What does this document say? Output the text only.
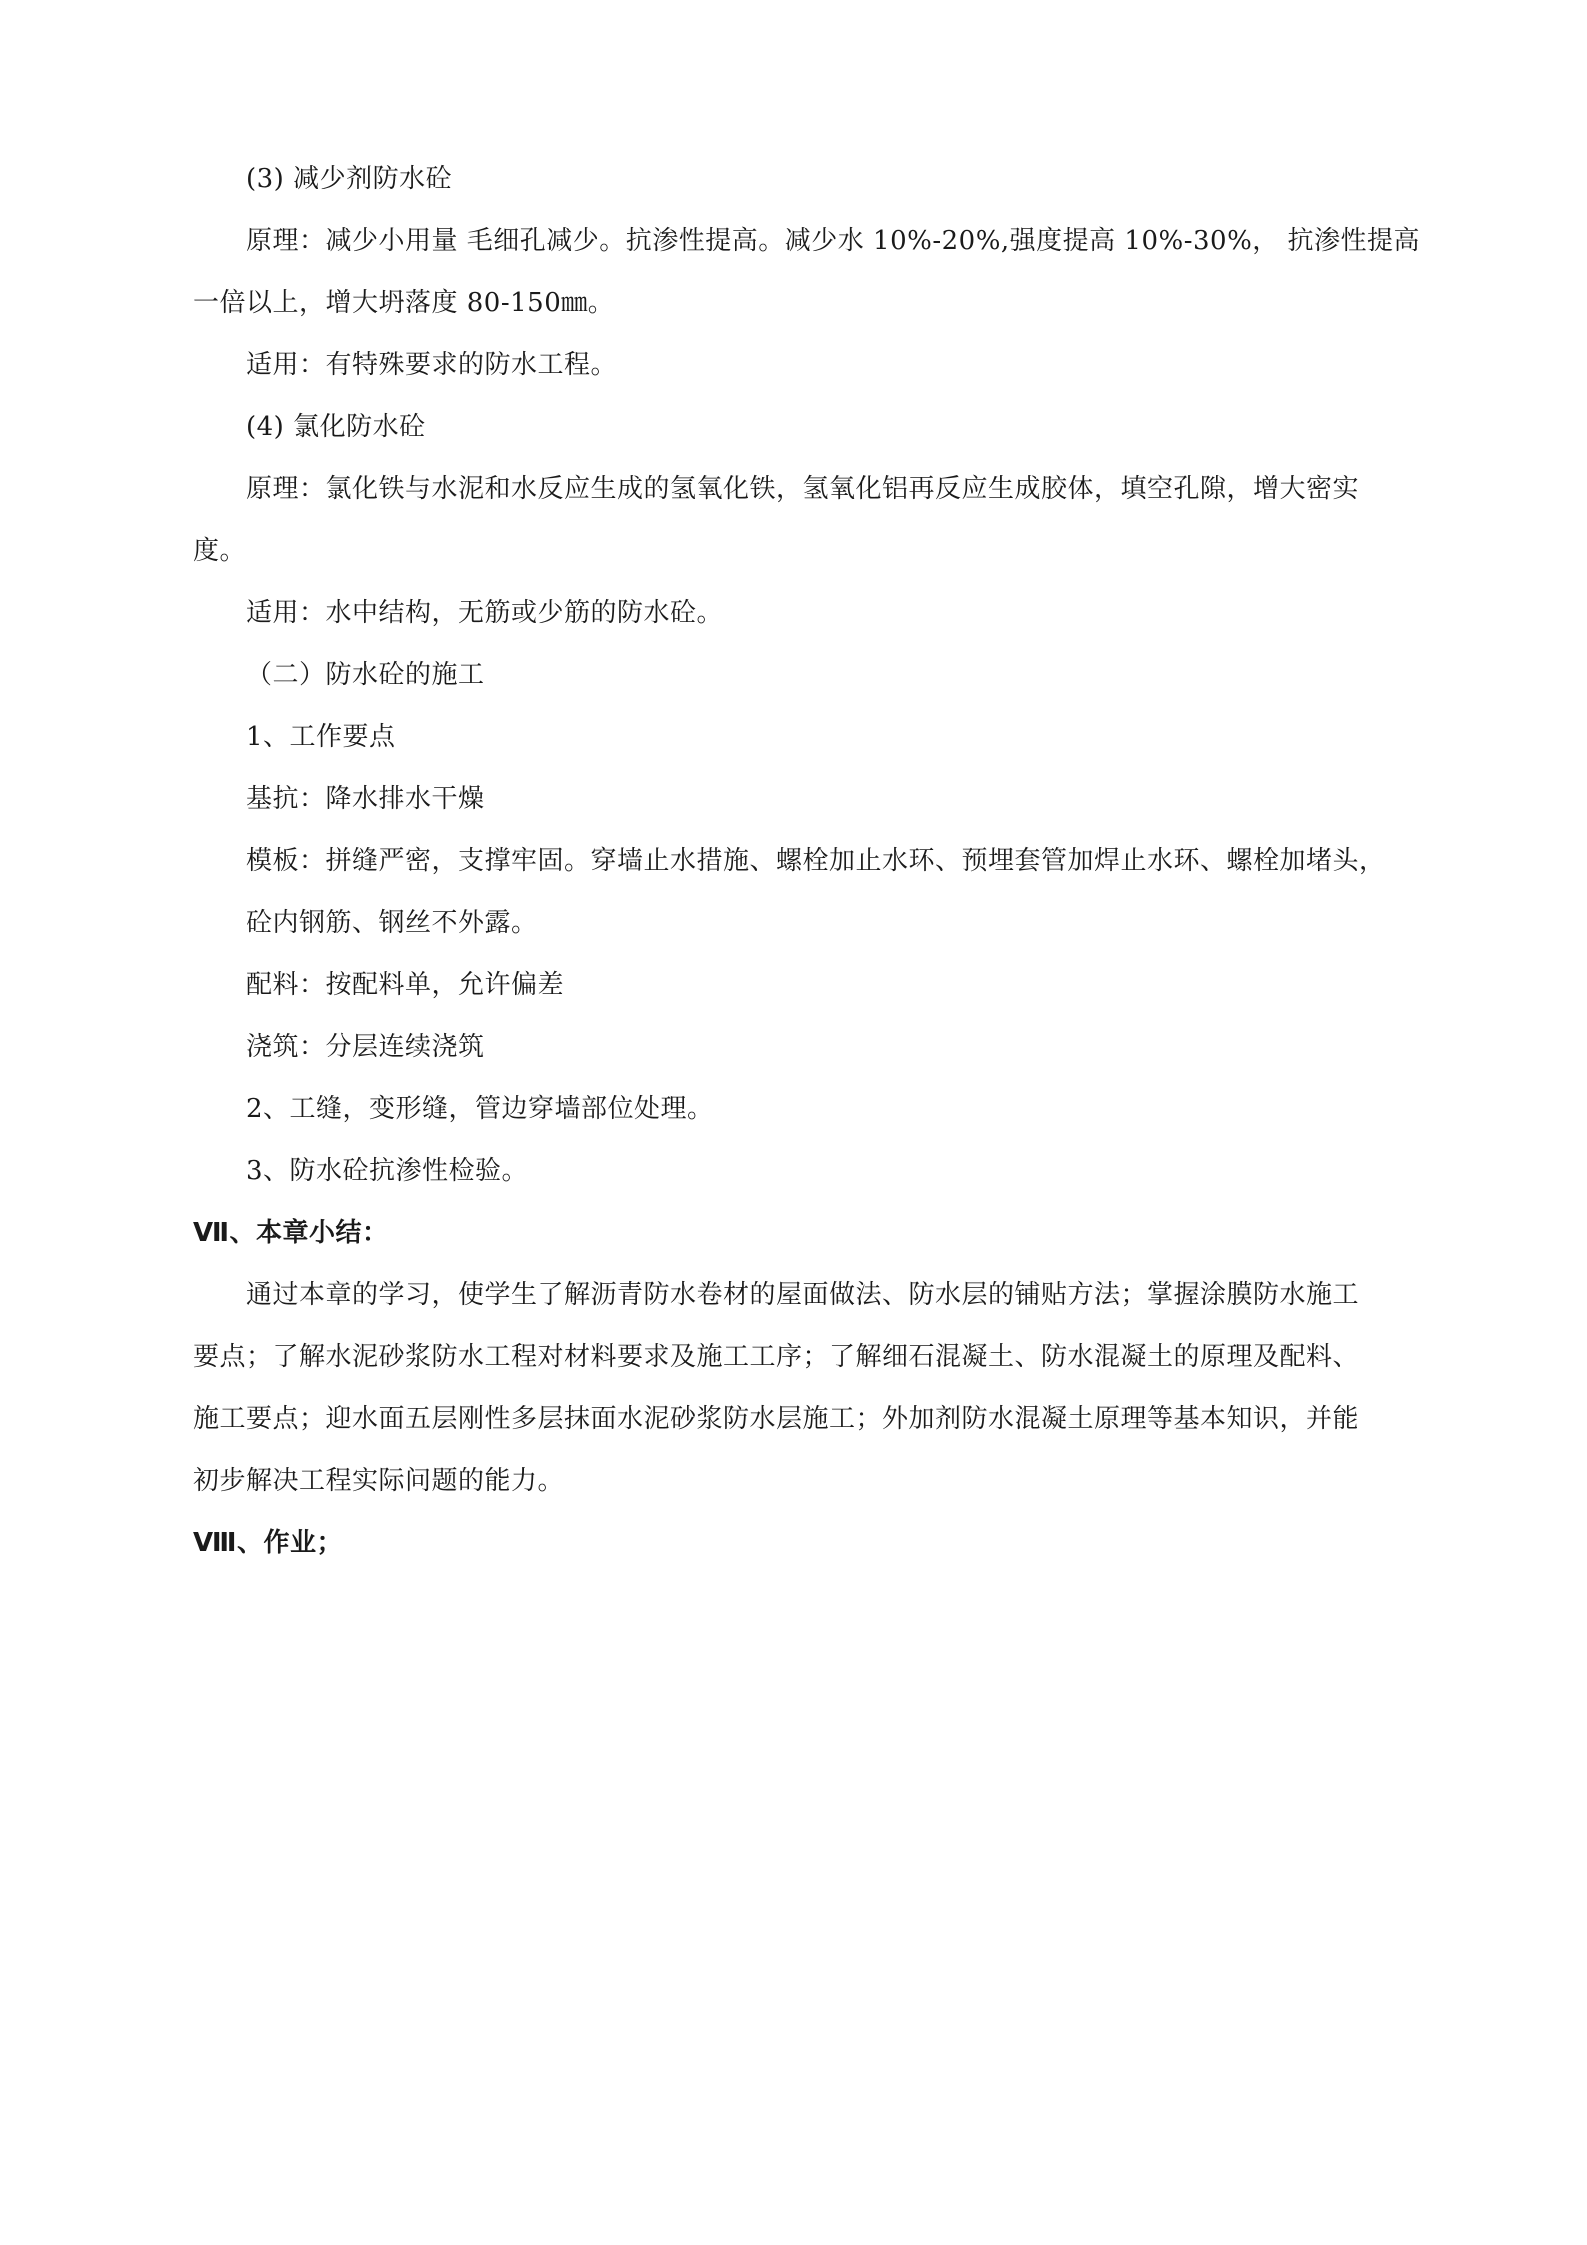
(3) 减少剂防水砼
原理：减少小用量 毛细孔减少。抗渗性提高。减少水 10%-20%,强度提高 10%-30%， 抗渗性提高
一倍以上，增大坍落度 80-150㎜。
适用：有特殊要求的防水工程。
(4) 氯化防水砼
原理：氯化铁与水泥和水反应生成的氢氧化铁，氢氧化铝再反应生成胶体，填空孔隙，增大密实
度。
适用：水中结构，无筋或少筋的防水砼。
（二）防水砼的施工
1、工作要点
基抗：降水排水干燥
模板：拼缝严密，支撑牢固。穿墙止水措施、螺栓加止水环、预埋套管加焊止水环、螺栓加堵头，
砼内钢筋、钢丝不外露。
配料：按配料单，允许偏差
浇筑：分层连续浇筑
2、工缝，变形缝，管边穿墙部位处理。
3、防水砼抗渗性检验。
Ⅶ、本章小结：
通过本章的学习，使学生了解沥青防水卷材的屋面做法、防水层的铺贴方法；掌握涂膜防水施工
要点；了解水泥砂浆防水工程对材料要求及施工工序；了解细石混凝土、防水混凝土的原理及配料、
施工要点；迎水面五层刚性多层抹面水泥砂浆防水层施工；外加剂防水混凝土原理等基本知识，并能
初步解决工程实际问题的能力。
Ⅷ、作业；
